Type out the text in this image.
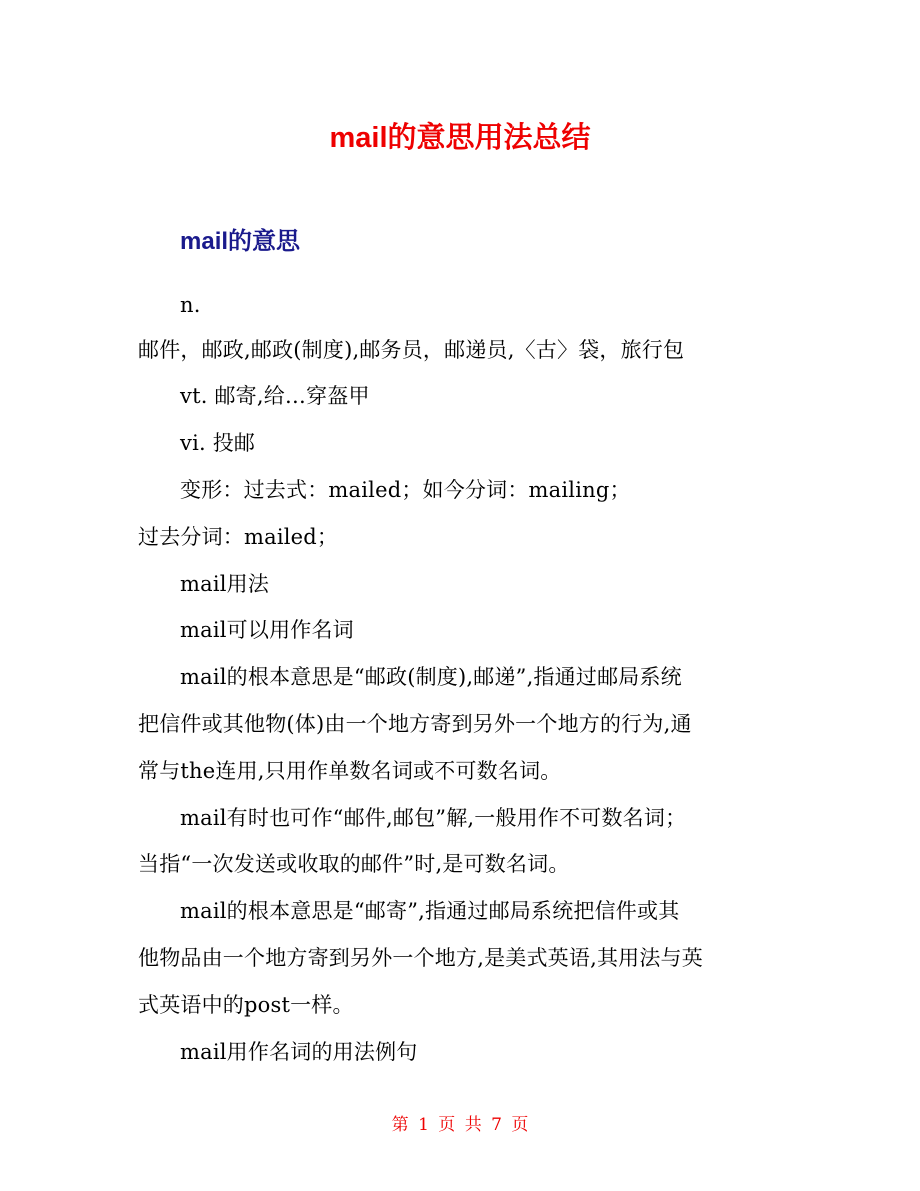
mail的意思用法总结
mail的意思
n.
邮件，邮政,邮政(制度),邮务员，邮递员,〈古〉袋，旅行包
vt. 邮寄,给…穿盔甲
vi. 投邮
变形：过去式：mailed；如今分词：mailing；
过去分词：mailed；
mail用法
mail可以用作名词
mail的根本意思是“邮政(制度),邮递”,指通过邮局系统
把信件或其他物(体)由一个地方寄到另外一个地方的行为,通
常与the连用,只用作单数名词或不可数名词。
mail有时也可作“邮件,邮包”解,一般用作不可数名词；
当指“一次发送或收取的邮件”时,是可数名词。
mail的根本意思是“邮寄”,指通过邮局系统把信件或其
他物品由一个地方寄到另外一个地方,是美式英语,其用法与英
式英语中的post一样。
mail用作名词的用法例句
第 1 页 共 7 页
